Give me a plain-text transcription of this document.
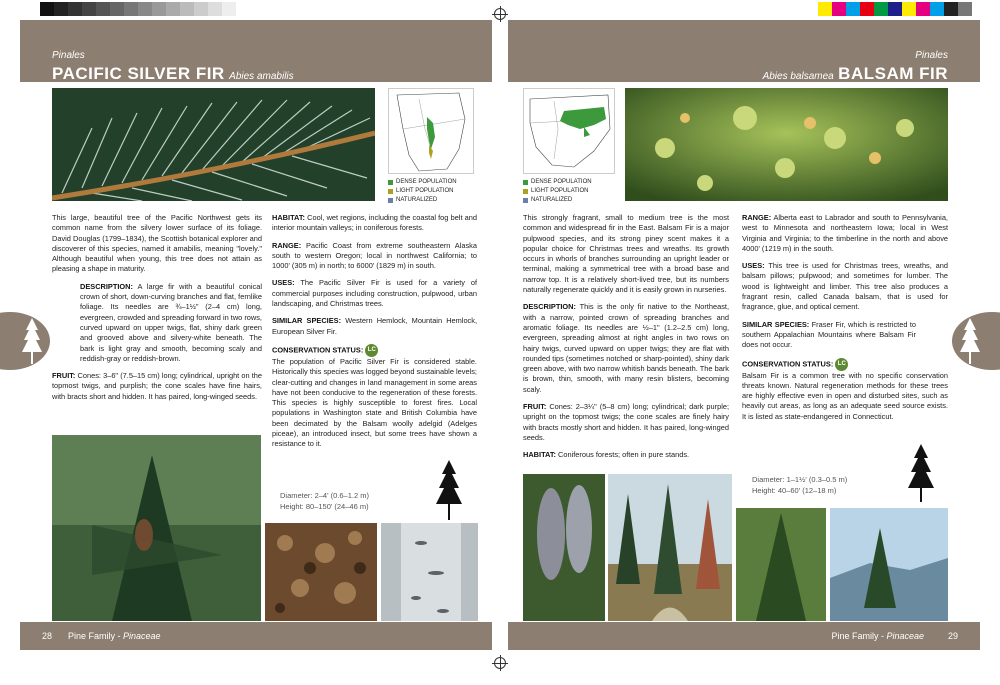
Pinales
PACIFIC SILVER FIR Abies amabilis
Pinales
Abies balsamea BALSAM FIR
DENSE POPULATION
LIGHT POPULATION
NATURALIZED
DENSE POPULATION
LIGHT POPULATION
NATURALIZED

This large, beautiful tree of the Pacific Northwest gets its common name from the silvery lower surface of its foliage. David Douglas (1799–1834), the Scottish botanical explorer and discoverer of this species, named it amabilis, meaning "lovely." Although beautiful when young, this tree does not attain as pleasing a shape in maturity.

DESCRIPTION: A large fir with a beautiful conical crown of short, down-curving branches and flat, fernlike foliage. Its needles are ¾–1½" (2–4 cm) long, evergreen, crowded and spreading forward in two rows, curved upward on upper twigs, flat, shiny dark green and grooved above and silvery-white beneath. The bark is light gray and smooth, becoming scaly and reddish-gray or reddish-brown.

FRUIT: Cones: 3–6" (7.5–15 cm) long; cylindrical, upright on the topmost twigs, and purplish; the cone scales have fine hairs, with bracts short and hidden. It has paired, long-winged seeds.

HABITAT: Cool, wet regions, including the coastal fog belt and interior mountain valleys; in coniferous forests.

RANGE: Pacific Coast from extreme southeastern Alaska south to western Oregon; local in northwest California; to 1000' (305 m) in north; to 6000' (1829 m) in south.

USES: The Pacific Silver Fir is used for a variety of commercial purposes including construction, pulpwood, urban landscaping, and Christmas trees.

SIMILAR SPECIES: Western Hemlock, Mountain Hemlock, European Silver Fir.

CONSERVATION STATUS: LC
The population of Pacific Silver Fir is considered stable. Historically this species was logged beyond sustainable levels; clear-cutting and changes in land management in some areas have not been conducive to the regeneration of these forests. This species is highly susceptible to forest fires. Local populations in Washington state and British Columbia have been decimated by the Balsam woolly adelgid (Adelges piceae), an introduced insect, but some trees have shown a resistance to it.

This strongly fragrant, small to medium tree is the most common and widespread fir in the East. Balsam Fir is a major pulpwood species, and its strong piney scent makes it a popular choice for Christmas trees and wreaths. Its growth occurs in whorls of branches surrounding an upright leader or terminal, making a symmetrical tree with a broad base and narrow top. It is a relatively short-lived tree, but its numbers naturally regenerate quickly and it is easily grown in nurseries.

DESCRIPTION: This is the only fir native to the Northeast, with a narrow, pointed crown of spreading branches and aromatic foliage. Its needles are ½–1" (1.2–2.5 cm) long, evergreen, spreading almost at right angles in two rows on hairy twigs, curved upward on upper twigs; they are flat with rounded tips (sometimes notched or sharp-pointed), shiny dark green above, with two narrow whitish bands beneath. The bark is brown, thin, smooth, with many resin blisters, becoming scaly.

FRUIT: Cones: 2–3¼" (5–8 cm) long; cylindrical; dark purple; upright on the topmost twigs; the cone scales are finely hairy with bracts mostly short and hidden. It has paired, long-winged seeds.

HABITAT: Coniferous forests; often in pure stands.

RANGE: Alberta east to Labrador and south to Pennsylvania, west to Minnesota and northeastern Iowa; local in West Virginia and Virginia; to the timberline in the north and above 4000' (1219 m) in the south.

USES: This tree is used for Christmas trees, wreaths, and balsam pillows; pulpwood; and sometimes for lumber. The wood is lightweight and limber. This tree also produces a fragrant resin, called Canada balsam, that is used for fragrance, glue, and optical cement.

SIMILAR SPECIES: Fraser Fir, which is restricted to southern Appalachian Mountains where Balsam Fir does not occur.

CONSERVATION STATUS: LC
Balsam Fir is a common tree with no specific conservation threats known. Natural regeneration methods for these trees are highly effective even in open and disturbed sites, such as heavily cut areas, as long as an adequate seed source exists. It is listed as state-endangered in Connecticut.

Diameter: 2–4' (0.6–1.2 m)
Height: 80–150' (24–46 m)
Diameter: 1–1½' (0.3–0.5 m)
Height: 40–60' (12–18 m)
28 Pine Family - Pinaceae	Pine Family - Pinaceae	29
